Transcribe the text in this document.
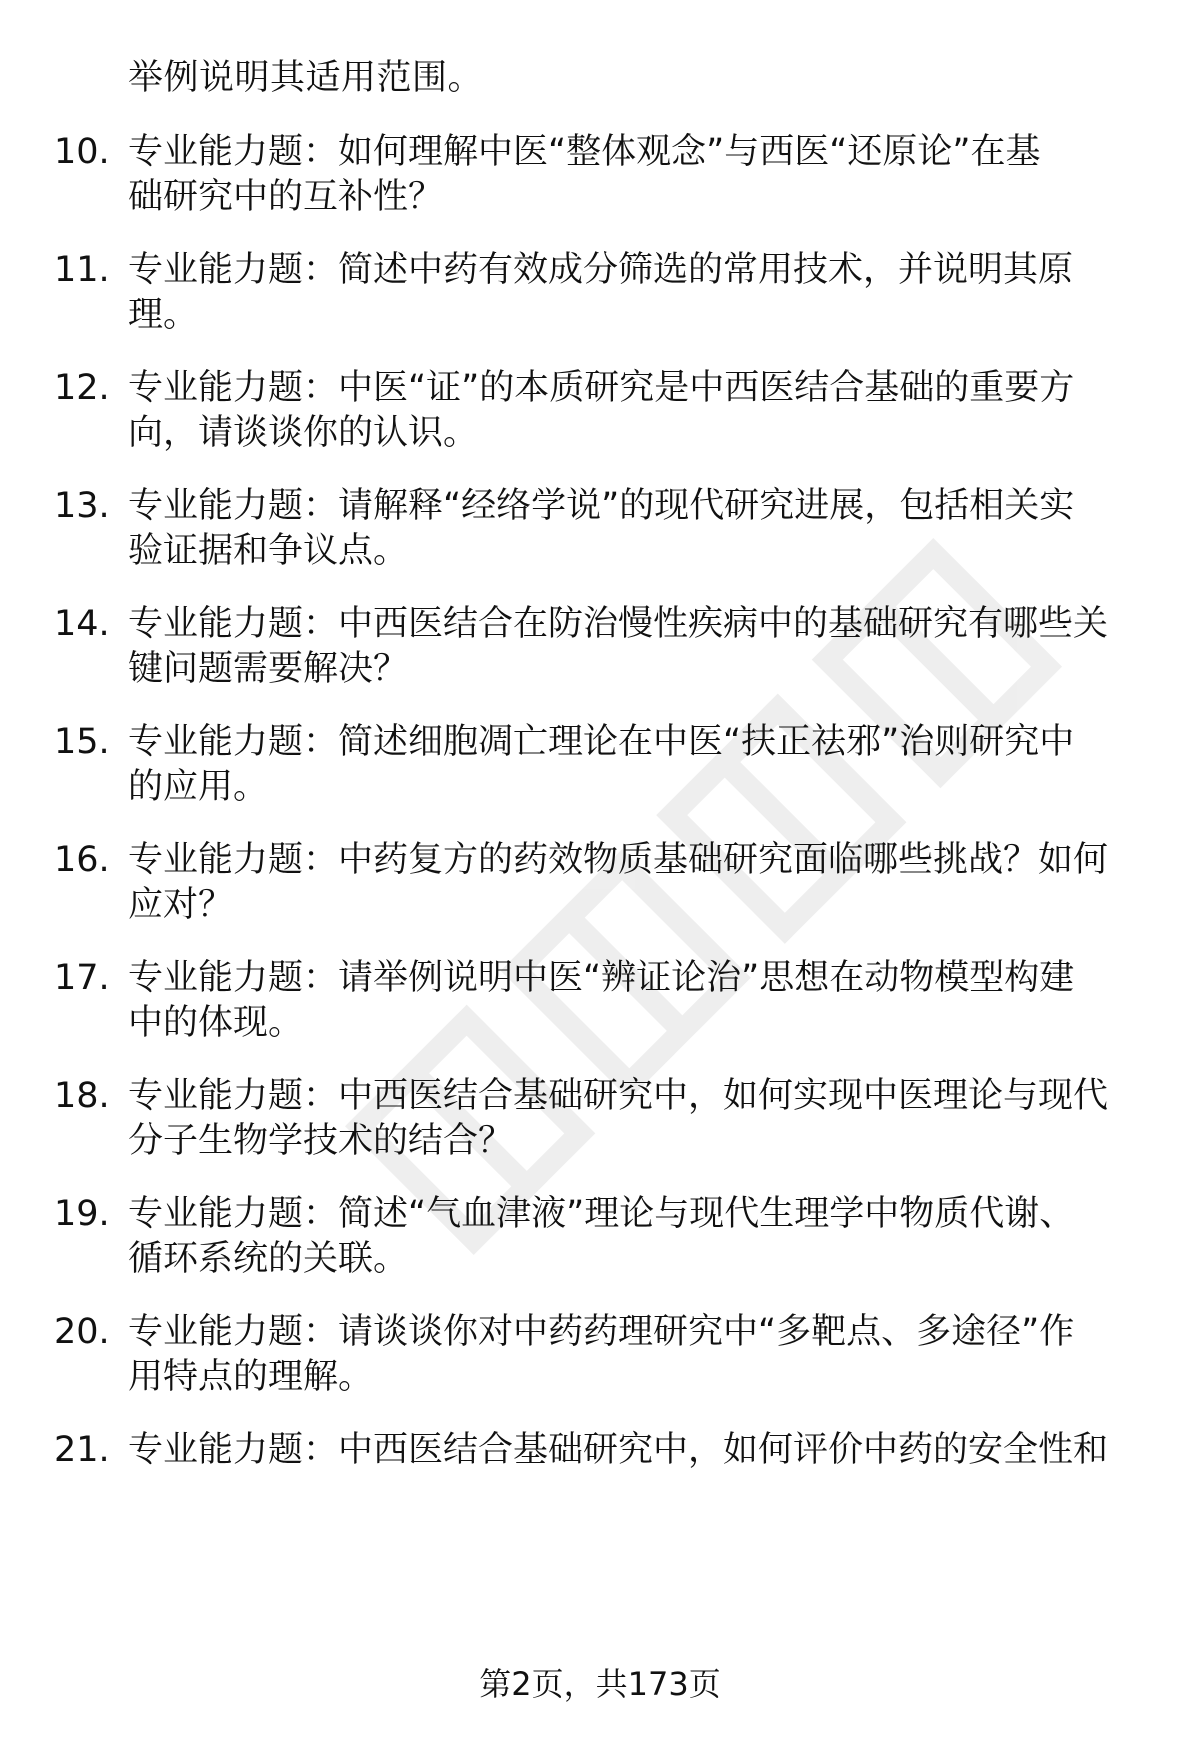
举例说明其适用范围。
10. 专业能力题：如何理解中医“整体观念”与西医“还原论”在基
础研究中的互补性？
11. 专业能力题：简述中药有效成分筛选的常用技术，并说明其原
理。
12. 专业能力题：中医“证”的本质研究是中西医结合基础的重要方
向，请谈谈你的认识。
13. 专业能力题：请解释“经络学说”的现代研究进展，包括相关实
验证据和争议点。
14. 专业能力题：中西医结合在防治慢性疾病中的基础研究有哪些关
键问题需要解决？
15. 专业能力题：简述细胞凋亡理论在中医“扶正祛邪”治则研究中
的应用。
16. 专业能力题：中药复方的药效物质基础研究面临哪些挑战？如何
应对？
17. 专业能力题：请举例说明中医“辨证论治”思想在动物模型构建
中的体现。
18. 专业能力题：中西医结合基础研究中，如何实现中医理论与现代
分子生物学技术的结合？
19. 专业能力题：简述“气血津液”理论与现代生理学中物质代谢、
循环系统的关联。
20. 专业能力题：请谈谈你对中药药理研究中“多靶点、多途径”作
用特点的理解。
21. 专业能力题：中西医结合基础研究中，如何评价中药的安全性和
第2页，共173页
